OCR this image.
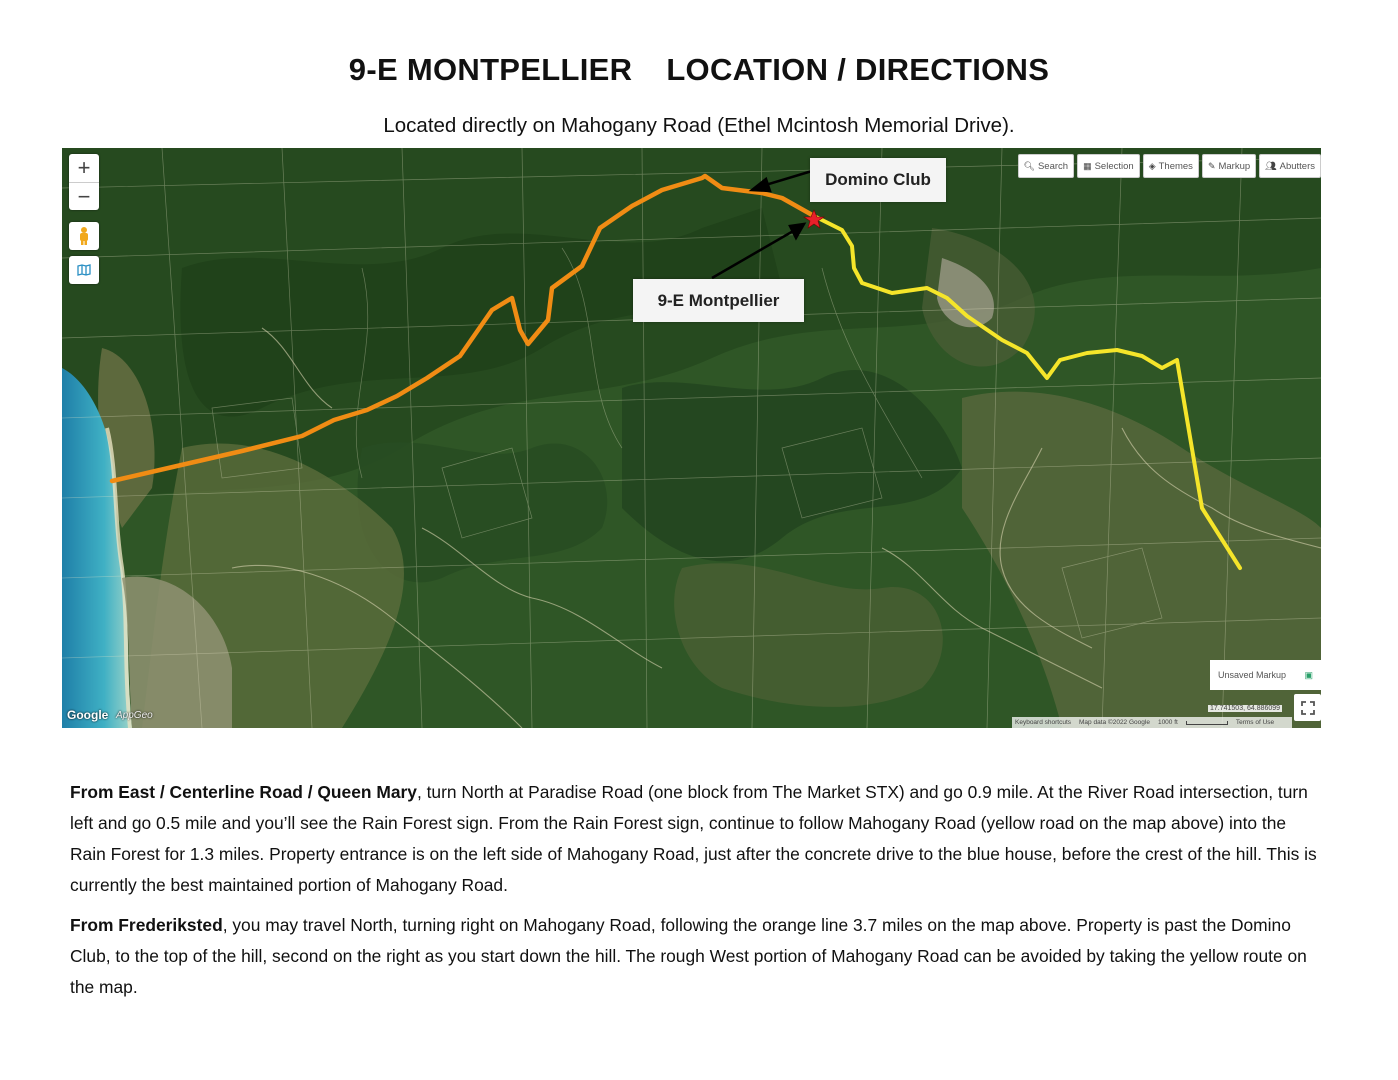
9-E MONTPELLIER LOCATION / DIRECTIONS
Located directly on Mahogany Road (Ethel Mcintosh Memorial Drive).
+
−
🔍︎ Search ▦ Selection ◈ Themes ✎ Markup 👥︎ Abutters
Domino Club
9-E Montpellier
Unsaved Markup ▣
17.741503, 64.886099
Keyboard shortcuts Map data ©2022 Google 1000 ft	Terms of Use
Google AppGeo
From East / Centerline Road / Queen Mary, turn North at Paradise Road (one block from The Market STX) and go 0.9 mile. At the River Road intersection, turn left and go 0.5 mile and you’ll see the Rain Forest sign. From the Rain Forest sign, continue to follow Mahogany Road (yellow road on the map above) into the Rain Forest for 1.3 miles. Property entrance is on the left side of Mahogany Road, just after the concrete drive to the blue house, before the crest of the hill. This is currently the best maintained portion of Mahogany Road.
From Frederiksted, you may travel North, turning right on Mahogany Road, following the orange line 3.7 miles on the map above. Property is past the Domino Club, to the top of the hill, second on the right as you start down the hill. The rough West portion of Mahogany Road can be avoided by taking the yellow route on the map.
